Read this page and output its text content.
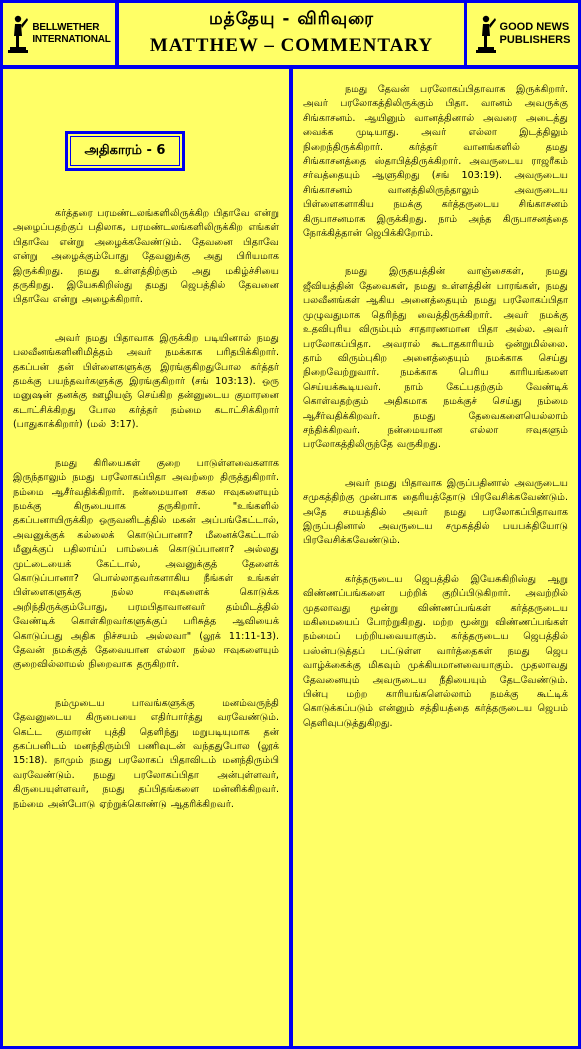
BELLWETHER
INTERNATIONAL
மத்தேயு - விரிவுரை
MATTHEW – COMMENTARY
GOOD NEWS
PUBLISHERS
அதிகாரம் - 6

கர்த்தரை பரமண்டலங்களிலிருக்கிற பிதாவே என்று அழைப்பதற்குப் பதிலாக, பரமண்டலங்களிலிருக்கிற எங்கள் பிதாவே என்று அழைக்கவேண்டும். தேவனை பிதாவே என்று அழைக்கும்போது தேவனுக்கு அது பிரியமாக இருக்கிறது. நமது உள்ளத்திற்கும் அது மகிழ்ச்சியை தருகிறது. இயேசுகிறிஸ்து தமது ஜெபத்தில் தேவனை பிதாவே என்று அழைக்கிறார்.

அவர் நமது பிதாவாக இருக்கிற படியினால் நமது பலவீனங்களினிமித்தம் அவர் நமக்காக பரிதபிக்கிறார். தகப்பன் தன் பிள்ளைகளுக்கு இரங்குகிறதுபோல கர்த்தர் தமக்கு பயந்தவர்களுக்கு இரங்குகிறார் (சங் 103:13). ஒரு மனுஷன் தனக்கு ஊழியஞ் செய்கிற தன்னுடைய குமாரனை கடாட்சிக்கிறது போல கர்த்தர் நம்மை கடாட்சிக்கிறார் (பாதுகாக்கிறார்) (மல் 3:17).

நமது கிரியைகள் குறை பாடுள்ளவைகளாக இருந்தாலும் நமது பரலோகப்பிதா அவற்றை திருத்துகிறார். நம்மை ஆசீர்வதிக்கிறார். நன்மையான சகல ஈவுகளையும் நமக்கு கிருபையாக தருகிறார். "உங்களில் தகப்பனாயிருக்கிற ஒருவனிடத்தில் மகன் அப்பங்கேட்டால், அவனுக்குக் கல்லைக் கொடுப்பானா? மீனைக்கேட்டால் மீனுக்குப் பதிலாய்ப் பாம்பைக் கொடுப்பானா? அல்லது முட்டையைக் கேட்டால், அவனுக்குத் தேளைக் கொடுப்பானா? பொல்லாதவர்களாகிய நீங்கள் உங்கள் பிள்ளைகளுக்கு நல்ல ஈவுகளைக் கொடுக்க அறிந்திருக்கும்போது, பரமபிதாவானவர் தம்மிடத்தில் வேண்டிக் கொள்கிறவர்களுக்குப் பரிசுத்த ஆவியைக் கொடுப்பது அதிக நிச்சயம் அல்லவா" (லூக் 11:11-13). தேவன் நமக்குத் தேவையான எல்லா நல்ல ஈவுகளையும் குறைவில்லாமல் நிறைவாக தருகிறார்.

நம்முடைய பாவங்களுக்கு மனம்வருந்தி தேவனுடைய கிருபையை எதிர்பார்த்து வரவேண்டும். கெட்ட குமாரன் புத்தி தெளிந்து மறுபடியுமாக தன் தகப்பனிடம் மனந்திரும்பி பணிவுடன் வந்ததுபோல (லூக் 15:18). நாமும் நமது பரலோகப் பிதாவிடம் மனந்திரும்பி வரவேண்டும். நமது பரலோகப்பிதா அன்புள்ளவர், கிருபையுள்ளவர், நமது தப்பிதங்களை மன்னிக்கிறவர். நம்மை அன்போடு ஏற்றுக்கொண்டு ஆதரிக்கிறவர்.

நமது தேவன் பரலோகப்பிதாவாக இருக்கிறார். அவர் பரலோகத்திலிருக்கும் பிதா. வானம் அவருக்கு சிங்காசனம். ஆயினும் வானத்தினால் அவரை அடைத்து வைக்க முடியாது. அவர் எல்லா இடத்திலும் நிறைந்திருக்கிறார். கர்த்தர் வானங்களில் தமது சிங்காசனத்தை ஸ்தாபித்திருக்கிறார். அவருடைய ராஜரீகம் சர்வத்தையும் ஆளுகிறது (சங் 103:19). அவருடைய சிங்காசனம் வானத்திலிருந்தாலும் அவருடைய பிள்ளைகளாகிய நமக்கு கர்த்தருடைய சிங்காசனம் கிருபாசனமாக இருக்கிறது. நாம் அந்த கிருபாசனத்தை நோக்கித்தான் ஜெபிக்கிறோம்.

நமது இருதயத்தின் வாஞ்சைகள், நமது ஜீவியத்தின் தேவைகள், நமது உள்ளத்தின் பாரங்கள், நமது பலவீனங்கள் ஆகிய அனைத்தையும் நமது பரலோகப்பிதா முழுவதுமாக தெரிந்து வைத்திருக்கிறார். அவர் நமக்கு உதவிபுரிய விரும்பும் சாதாரணமான பிதா அல்ல. அவர் பரலோகப்பிதா. அவரால் கூடாதகாரியம் ஒன்றுமில்லை. தாம் விரும்புகிற அனைத்தையும் நமக்காக செய்து நிறைவேற்றுவார். நமக்காக பெரிய காரியங்களை செய்யக்கூடியவர். நாம் கேட்பதற்கும் வேண்டிக் கொள்வதற்கும் அதிகமாக நமக்குச் செய்து நம்மை ஆசீர்வதிக்கிறவர். நமது தேவைகளையெல்லாம் சந்திக்கிறவர். நன்மையான எல்லா ஈவுகளும் பரலோகத்திலிருந்தே வருகிறது.

அவர் நமது பிதாவாக இருப்பதினால் அவருடைய சமுகத்திற்கு முன்பாக தைரியத்தோடு பிரவேசிக்கவேண்டும். அதே சமயத்தில் அவர் நமது பரலோகப்பிதாவாக இருப்பதினால் அவருடைய சமுகத்தில் பயபக்தியோடு பிரவேசிக்கவேண்டும்.

கர்த்தருடைய ஜெபத்தில் இயேசுகிறிஸ்து ஆறு விண்ணப்பங்களை பற்றிக் குறிப்பிடுகிறார். அவற்றில் முதலாவது மூன்று விண்ணப்பங்கள் கர்த்தருடைய மகிமையைப் போற்றுகிறது. மற்ற மூன்று விண்ணப்பங்கள் நம்மைப் பற்றியவையாகும். கர்த்தருடைய ஜெபத்தில் பஸ்ன்படுத்தப் பட்டுள்ள வார்த்தைகள் நமது ஜெப வாழ்க்கைக்கு மிகவும் முக்கியமானவையாகும். முதலாவது தேவனையும் அவருடைய நீதியையும் தேடவேண்டும். பின்பு மற்ற காரியங்களெல்லாம் நமக்கு கூட்டிக் கொடுக்கப்படும் என்னும் சத்தியத்தை கர்த்தருடைய ஜெபம் தெளிவுபடுத்துகிறது.
